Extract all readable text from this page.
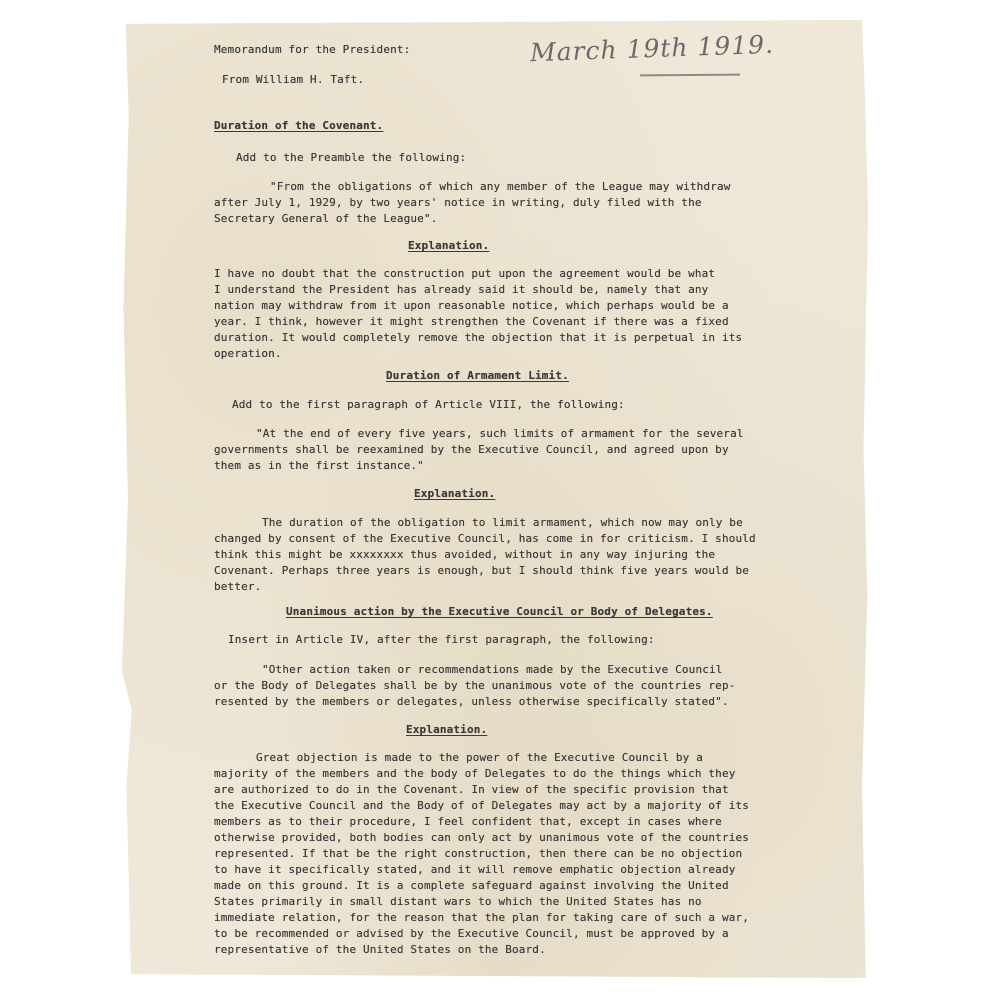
March 19th 1919.
Memorandum for the President:
From William H. Taft.
Duration of the Covenant.
Add to the Preamble the following:
"From the obligations of which any member of the League may withdraw
after July 1, 1929, by two years' notice in writing, duly filed with the
Secretary General of the League".
Explanation.
I have no doubt that the construction put upon the agreement would be what
I understand the President has already said it should be, namely that any
nation may withdraw from it upon reasonable notice, which perhaps would be a
year. I think, however it might strengthen the Covenant if there was a fixed
duration. It would completely remove the objection that it is perpetual in its
operation.
Duration of Armament Limit.
Add to the first paragraph of Article VIII, the following:
"At the end of every five years, such limits of armament for the several
governments shall be reexamined by the Executive Council, and agreed upon by
them as in the first instance."
Explanation.
The duration of the obligation to limit armament, which now may only be
changed by consent of the Executive Council, has come in for criticism. I should
think this might be xxxxxxxx thus avoided, without in any way injuring the
Covenant. Perhaps three years is enough, but I should think five years would be
better.
Unanimous action by the Executive Council or Body of Delegates.
Insert in Article IV, after the first paragraph, the following:
"Other action taken or recommendations made by the Executive Council
or the Body of Delegates shall be by the unanimous vote of the countries rep-
resented by the members or delegates, unless otherwise specifically stated".
Explanation.
Great objection is made to the power of the Executive Council by a
majority of the members and the body of Delegates to do the things which they
are authorized to do in the Covenant. In view of the specific provision that
the Executive Council and the Body of of Delegates may act by a majority of its
members as to their procedure, I feel confident that, except in cases where
otherwise provided, both bodies can only act by unanimous vote of the countries
represented. If that be the right construction, then there can be no objection
to have it specifically stated, and it will remove emphatic objection already
made on this ground. It is a complete safeguard against involving the United
States primarily in small distant wars to which the United States has no
immediate relation, for the reason that the plan for taking care of such a war,
to be recommended or advised by the Executive Council, must be approved by a
representative of the United States on the Board.
